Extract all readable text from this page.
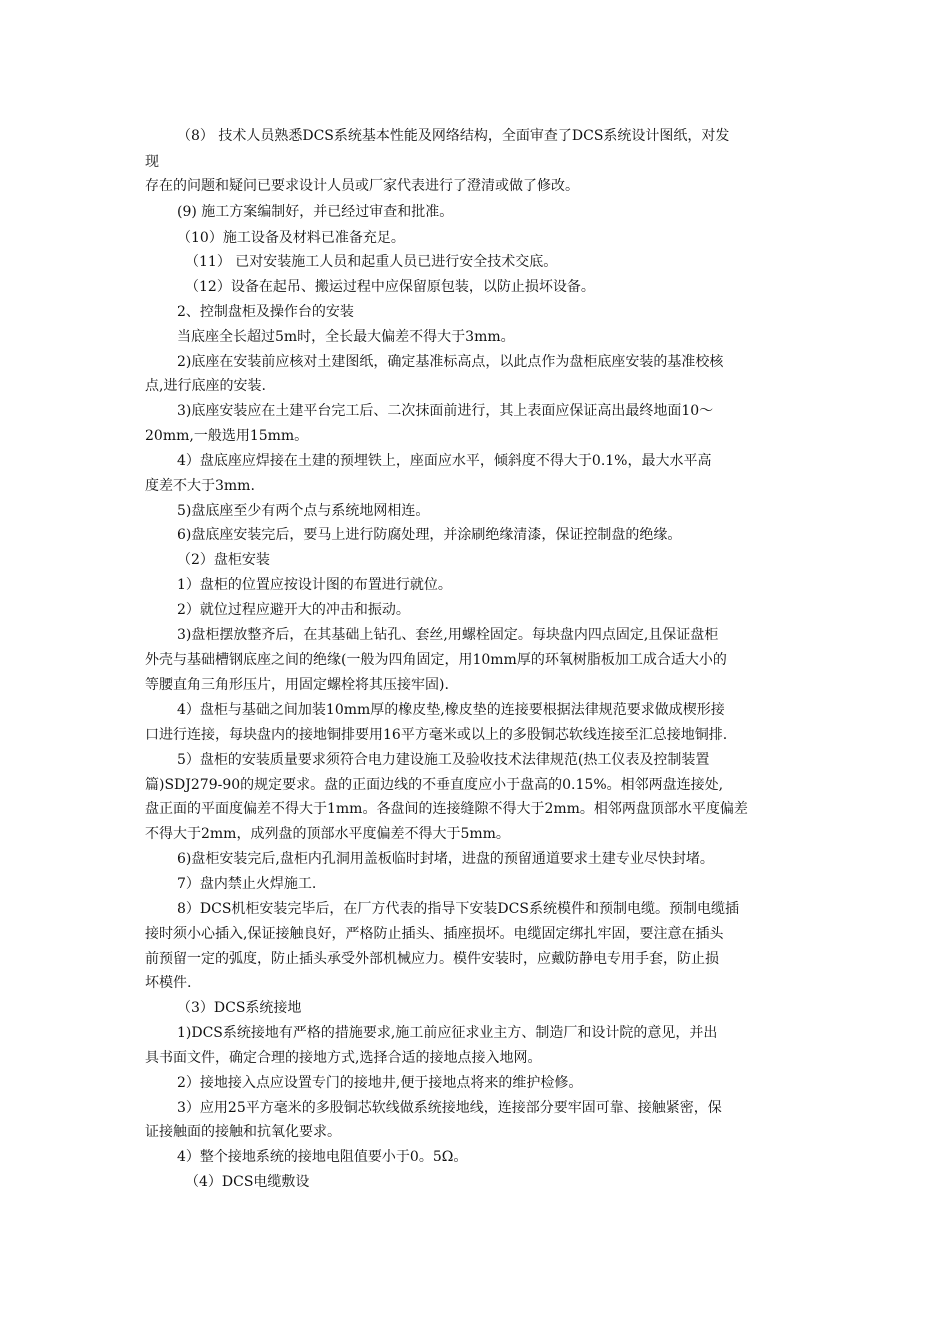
（8） 技术人员熟悉DCS系统基本性能及网络结构，全面审查了DCS系统设计图纸，对发

现

存在的问题和疑问已要求设计人员或厂家代表进行了澄清或做了修改。

(9) 施工方案编制好，并已经过审查和批准。

（10）施工设备及材料已准备充足。

（11） 已对安装施工人员和起重人员已进行安全技术交底。

（12）设备在起吊、搬运过程中应保留原包装，以防止损坏设备。

2、控制盘柜及操作台的安装

当底座全长超过5m时，全长最大偏差不得大于3mm。

2)底座在安装前应核对土建图纸，确定基准标高点，以此点作为盘柜底座安装的基准校核

点,进行底座的安装.

3)底座安装应在土建平台完工后、二次抹面前进行，其上表面应保证高出最终地面10～

20mm,一般选用15mm。

4）盘底座应焊接在土建的预埋铁上，座面应水平，倾斜度不得大于0.1%，最大水平高

度差不大于3mm.

5)盘底座至少有两个点与系统地网相连。

6)盘底座安装完后，要马上进行防腐处理，并涂刷绝缘清漆，保证控制盘的绝缘。

（2）盘柜安装

1）盘柜的位置应按设计图的布置进行就位。

2）就位过程应避开大的冲击和振动。

3)盘柜摆放整齐后，在其基础上钻孔、套丝,用螺栓固定。每块盘内四点固定,且保证盘柜

外壳与基础槽钢底座之间的绝缘(一般为四角固定，用10mm厚的环氧树脂板加工成合适大小的

等腰直角三角形压片，用固定螺栓将其压接牢固).

4）盘柜与基础之间加装10mm厚的橡皮垫,橡皮垫的连接要根据法律规范要求做成楔形接

口进行连接，每块盘内的接地铜排要用16平方毫米或以上的多股铜芯软线连接至汇总接地铜排.

5）盘柜的安装质量要求须符合电力建设施工及验收技术法律规范(热工仪表及控制装置

篇)SDJ279-90的规定要求。盘的正面边线的不垂直度应小于盘高的0.15%。相邻两盘连接处,

盘正面的平面度偏差不得大于1mm。各盘间的连接缝隙不得大于2mm。相邻两盘顶部水平度偏差

不得大于2mm，成列盘的顶部水平度偏差不得大于5mm。

6)盘柜安装完后,盘柜内孔洞用盖板临时封堵，进盘的预留通道要求土建专业尽快封堵。

7）盘内禁止火焊施工.

8）DCS机柜安装完毕后，在厂方代表的指导下安装DCS系统模件和预制电缆。预制电缆插

接时须小心插入,保证接触良好，严格防止插头、插座损坏。电缆固定绑扎牢固，要注意在插头

前预留一定的弧度，防止插头承受外部机械应力。模件安装时，应戴防静电专用手套，防止损

坏模件.

（3）DCS系统接地

1)DCS系统接地有严格的措施要求,施工前应征求业主方、制造厂和设计院的意见，并出

具书面文件，确定合理的接地方式,选择合适的接地点接入地网。

2）接地接入点应设置专门的接地井,便于接地点将来的维护检修。

3）应用25平方毫米的多股铜芯软线做系统接地线，连接部分要牢固可靠、接触紧密，保

证接触面的接触和抗氧化要求。

4）整个接地系统的接地电阻值要小于0。5Ω。

（4）DCS电缆敷设
